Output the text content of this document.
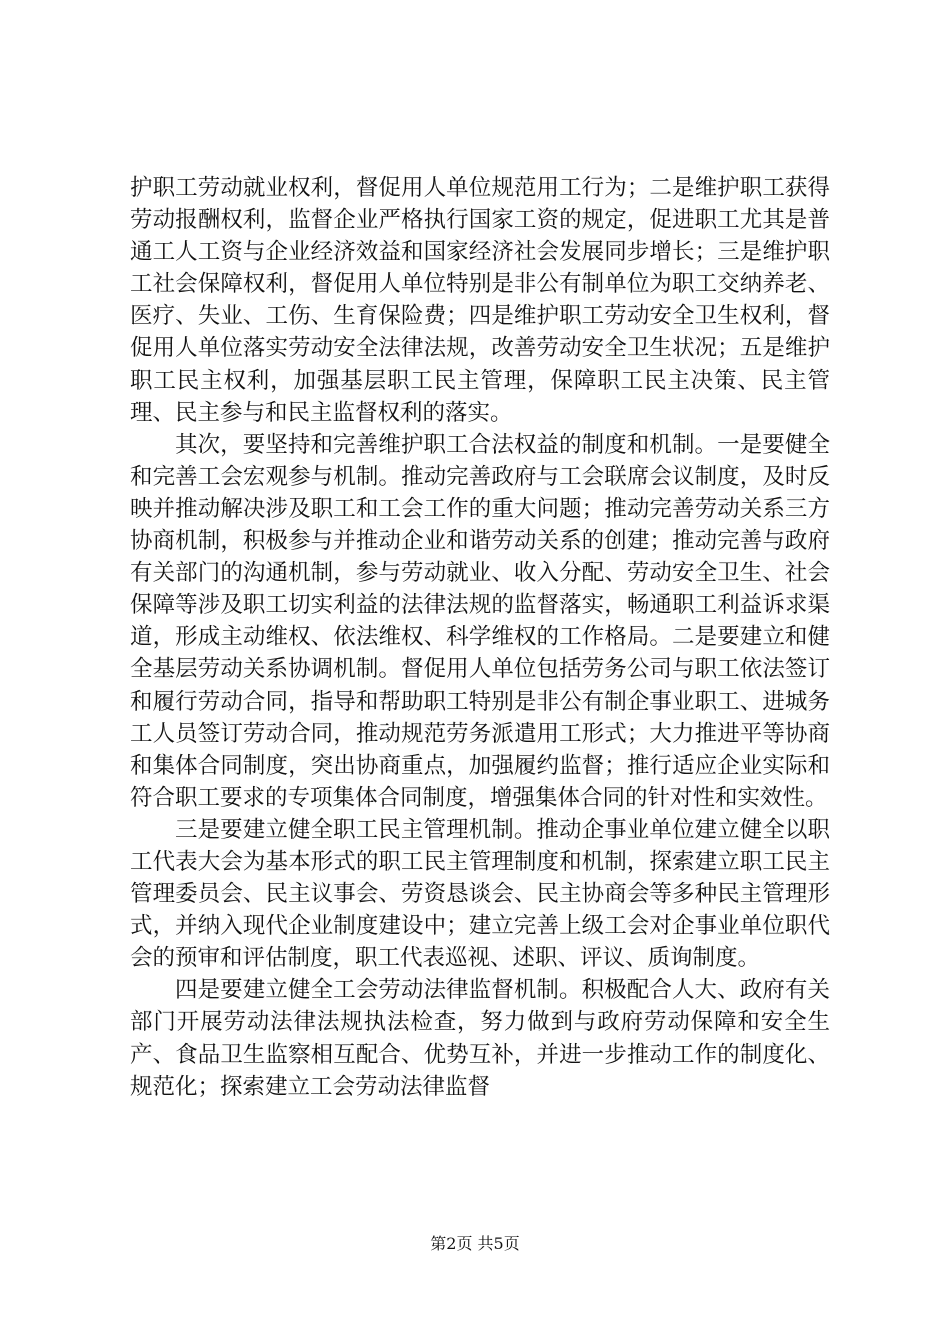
护职工劳动就业权利，督促用人单位规范用工行为；二是维护职工获得劳动报酬权利，监督企业严格执行国家工资的规定，促进职工尤其是普通工人工资与企业经济效益和国家经济社会发展同步增长；三是维护职工社会保障权利，督促用人单位特别是非公有制单位为职工交纳养老、医疗、失业、工伤、生育保险费；四是维护职工劳动安全卫生权利，督促用人单位落实劳动安全法律法规，改善劳动安全卫生状况；五是维护职工民主权利，加强基层职工民主管理，保障职工民主决策、民主管理、民主参与和民主监督权利的落实。

其次，要坚持和完善维护职工合法权益的制度和机制。一是要健全和完善工会宏观参与机制。推动完善政府与工会联席会议制度，及时反映并推动解决涉及职工和工会工作的重大问题；推动完善劳动关系三方协商机制，积极参与并推动企业和谐劳动关系的创建；推动完善与政府有关部门的沟通机制，参与劳动就业、收入分配、劳动安全卫生、社会保障等涉及职工切实利益的法律法规的监督落实，畅通职工利益诉求渠道，形成主动维权、依法维权、科学维权的工作格局。二是要建立和健全基层劳动关系协调机制。督促用人单位包括劳务公司与职工依法签订和履行劳动合同，指导和帮助职工特别是非公有制企事业职工、进城务工人员签订劳动合同，推动规范劳务派遣用工形式；大力推进平等协商和集体合同制度，突出协商重点，加强履约监督；推行适应企业实际和符合职工要求的专项集体合同制度，增强集体合同的针对性和实效性。

三是要建立健全职工民主管理机制。推动企事业单位建立健全以职工代表大会为基本形式的职工民主管理制度和机制，探索建立职工民主管理委员会、民主议事会、劳资恳谈会、民主协商会等多种民主管理形式，并纳入现代企业制度建设中；建立完善上级工会对企事业单位职代会的预审和评估制度，职工代表巡视、述职、评议、质询制度。

四是要建立健全工会劳动法律监督机制。积极配合人大、政府有关部门开展劳动法律法规执法检查，努力做到与政府劳动保障和安全生产、食品卫生监察相互配合、优势互补，并进一步推动工作的制度化、规范化；探索建立工会劳动法律监督

第2页 共5页
